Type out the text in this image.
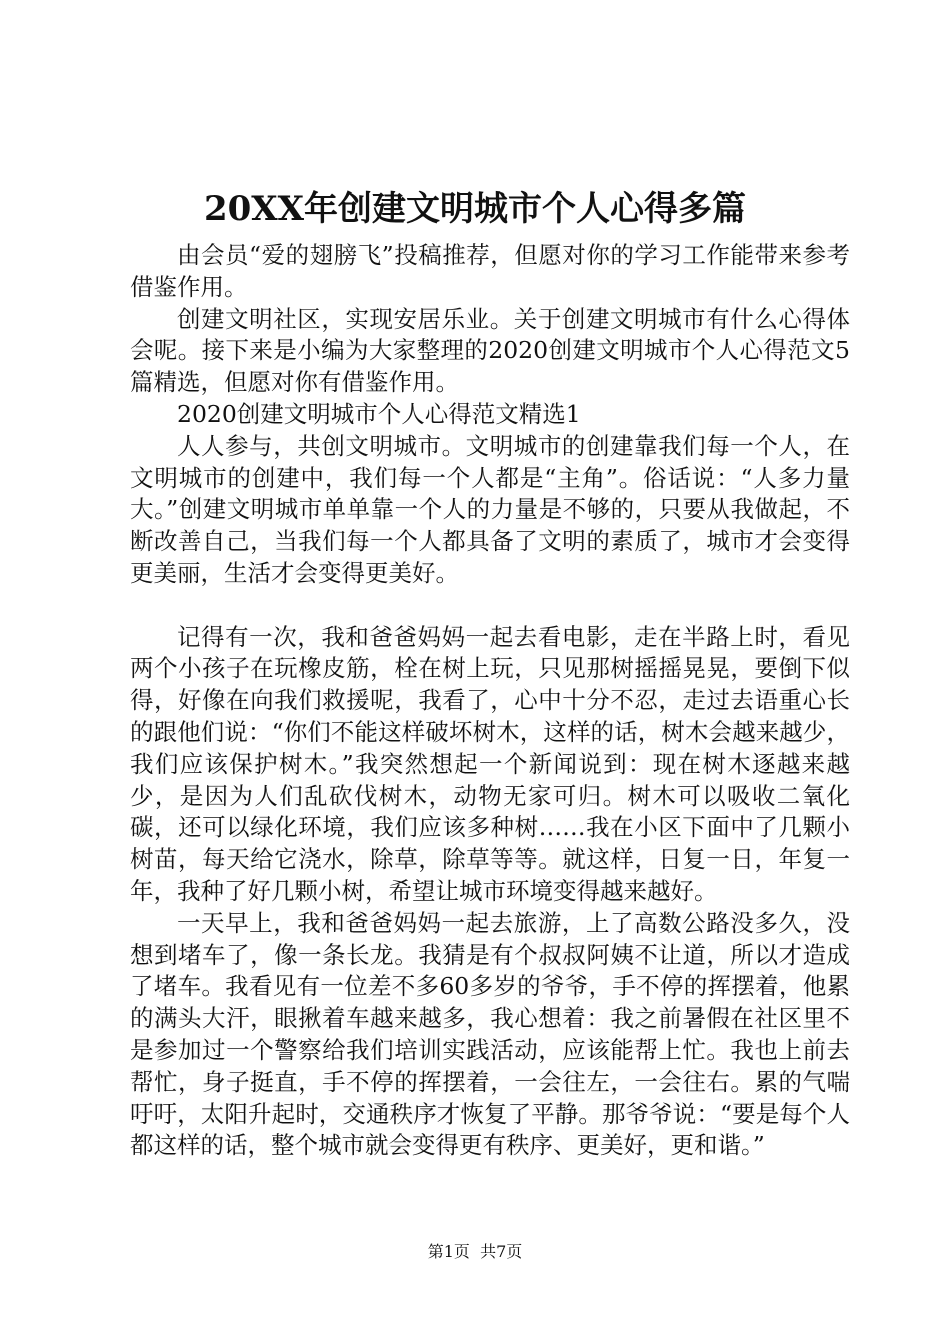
20XX年创建文明城市个人心得多篇

由会员“爱的翅膀飞”投稿推荐，但愿对你的学习工作能带来参考借鉴作用。

创建文明社区，实现安居乐业。关于创建文明城市有什么心得体会呢。接下来是小编为大家整理的2020创建文明城市个人心得范文5篇精选，但愿对你有借鉴作用。

2020创建文明城市个人心得范文精选1

人人参与，共创文明城市。文明城市的创建靠我们每一个人，在文明城市的创建中，我们每一个人都是“主角”。俗话说：“人多力量大。”创建文明城市单单靠一个人的力量是不够的，只要从我做起，不断改善自己，当我们每一个人都具备了文明的素质了，城市才会变得更美丽，生活才会变得更美好。

记得有一次，我和爸爸妈妈一起去看电影，走在半路上时，看见两个小孩子在玩橡皮筋，栓在树上玩，只见那树摇摇晃晃，要倒下似得，好像在向我们救援呢，我看了，心中十分不忍，走过去语重心长的跟他们说：“你们不能这样破坏树木，这样的话，树木会越来越少，我们应该保护树木。”我突然想起一个新闻说到：现在树木逐越来越少，是因为人们乱砍伐树木，动物无家可归。树木可以吸收二氧化碳，还可以绿化环境，我们应该多种树……我在小区下面中了几颗小树苗，每天给它浇水，除草，除草等等。就这样，日复一日，年复一年，我种了好几颗小树，希望让城市环境变得越来越好。

一天早上，我和爸爸妈妈一起去旅游，上了高数公路没多久，没想到堵车了，像一条长龙。我猜是有个叔叔阿姨不让道，所以才造成了堵车。我看见有一位差不多60多岁的爷爷，手不停的挥摆着，他累的满头大汗，眼揪着车越来越多，我心想着：我之前暑假在社区里不是参加过一个警察给我们培训实践活动，应该能帮上忙。我也上前去帮忙，身子挺直，手不停的挥摆着，一会往左，一会往右。累的气喘吁吁，太阳升起时，交通秩序才恢复了平静。那爷爷说：“要是每个人都这样的话，整个城市就会变得更有秩序、更美好，更和谐。”

第1页  共7页
